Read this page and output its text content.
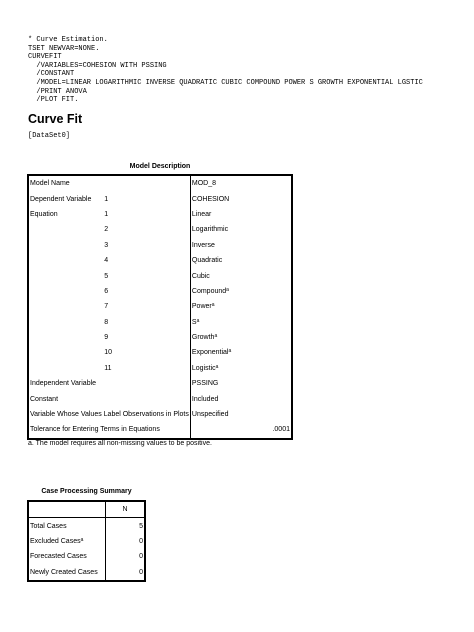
* Curve Estimation.
TSET NEWVAR=NONE.
CURVEFIT
/VARIABLES=COHESION WITH PSSING
/CONSTANT
/MODEL=LINEAR LOGARITHMIC INVERSE QUADRATIC CUBIC COMPOUND POWER S GROWTH EXPONENTIAL LGSTIC
/PRINT ANOVA
/PLOT FIT.
Curve Fit
[DataSet0]
Model Description
Model Name		MOD_8
Dependent Variable	1	COHESION
Equation	1	Linear
	2	Logarithmic
	3	Inverse
	4	Quadratic
	5	Cubic
	6	Compound$^a$
	7	Power$^a$
	8	$S^a$
	9	Growth$^a$
	10	Exponential$^a$
	11	Logistic$^a$
Independent Variable		PSSING
Constant		Included
Variable Whose Values Label Observations in Plots		Unspecified
Tolerance for Entering Terms in Equations		.0001
a. The model requires all non-missing values to be positive.
Case Processing Summary
	N
Total Cases	5
Excluded Cases$^a$	0
Forecasted Cases	0
Newly Created Cases	0
